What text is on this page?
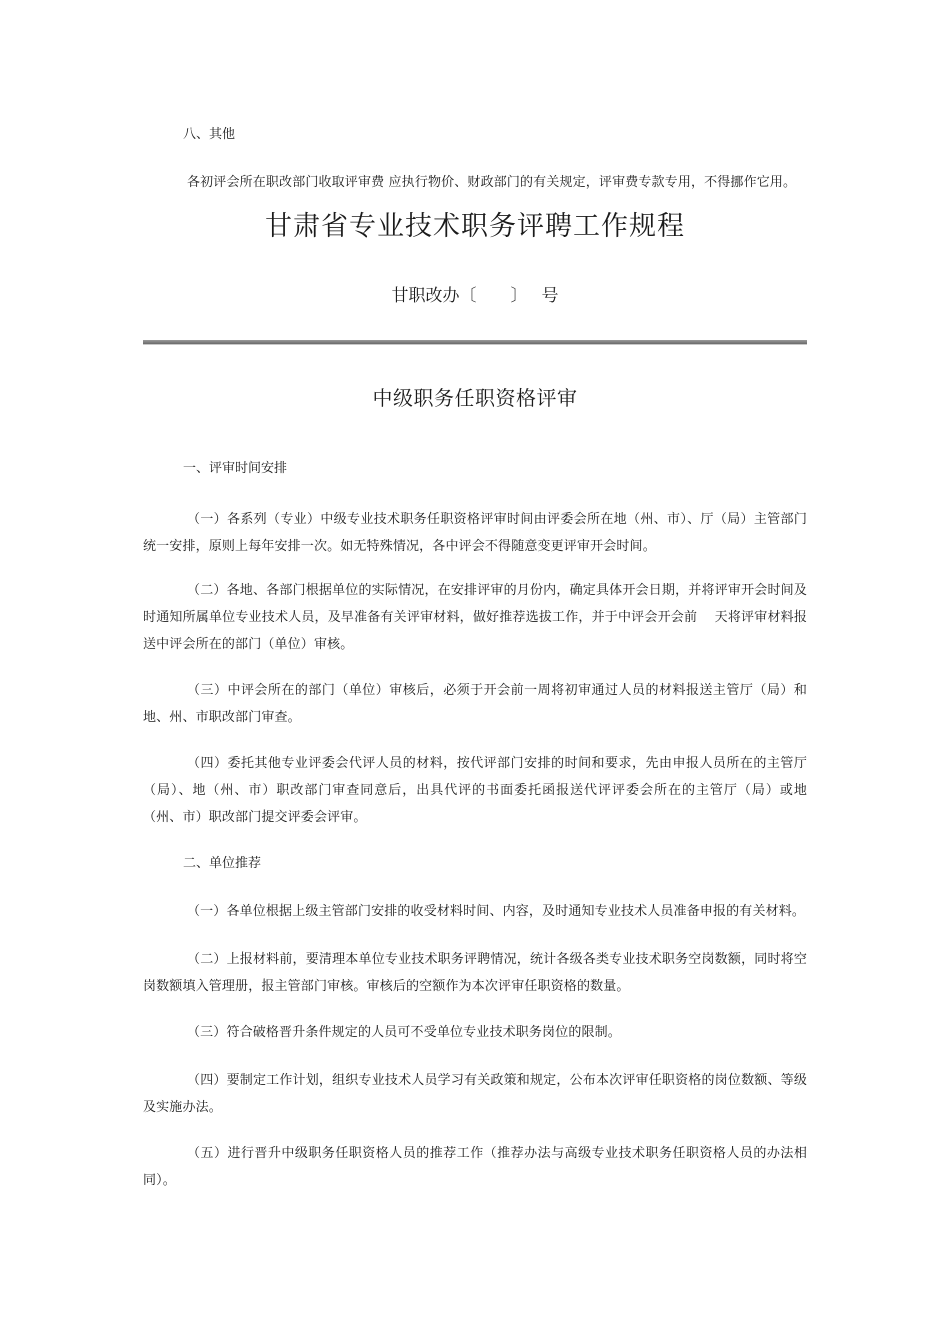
八、其他
各初评会所在职改部门收取评审费 应执行物价、财政部门的有关规定，评审费专款专用，不得挪作它用。
甘肃省专业技术职务评聘工作规程
甘职改办〔　　〕　 号
中级职务任职资格评审
一、评审时间安排
（一）各系列（专业）中级专业技术职务任职资格评审时间由评委会所在地（州、市）、厅（局）主管部门统一安排，原则上每年安排一次。如无特殊情况，各中评会不得随意变更评审开会时间。
（二）各地、各部门根据单位的实际情况，在安排评审的月份内，确定具体开会日期，并将评审开会时间及时通知所属单位专业技术人员，及早准备有关评审材料，做好推荐选拔工作，并于中评会开会前　 天将评审材料报送中评会所在的部门（单位）审核。
（三）中评会所在的部门（单位）审核后，必须于开会前一周将初审通过人员的材料报送主管厅（局）和地、州、市职改部门审查。
（四）委托其他专业评委会代评人员的材料，按代评部门安排的时间和要求，先由申报人员所在的主管厅（局）、地（州、市）职改部门审查同意后，出具代评的书面委托函报送代评评委会所在的主管厅（局）或地（州、市）职改部门提交评委会评审。
二、单位推荐
（一）各单位根据上级主管部门安排的收受材料时间、内容，及时通知专业技术人员准备申报的有关材料。
（二）上报材料前，要清理本单位专业技术职务评聘情况，统计各级各类专业技术职务空岗数额，同时将空岗数额填入管理册，报主管部门审核。审核后的空额作为本次评审任职资格的数量。
（三）符合破格晋升条件规定的人员可不受单位专业技术职务岗位的限制。
（四）要制定工作计划，组织专业技术人员学习有关政策和规定，公布本次评审任职资格的岗位数额、等级及实施办法。
（五）进行晋升中级职务任职资格人员的推荐工作（推荐办法与高级专业技术职务任职资格人员的办法相同）。
